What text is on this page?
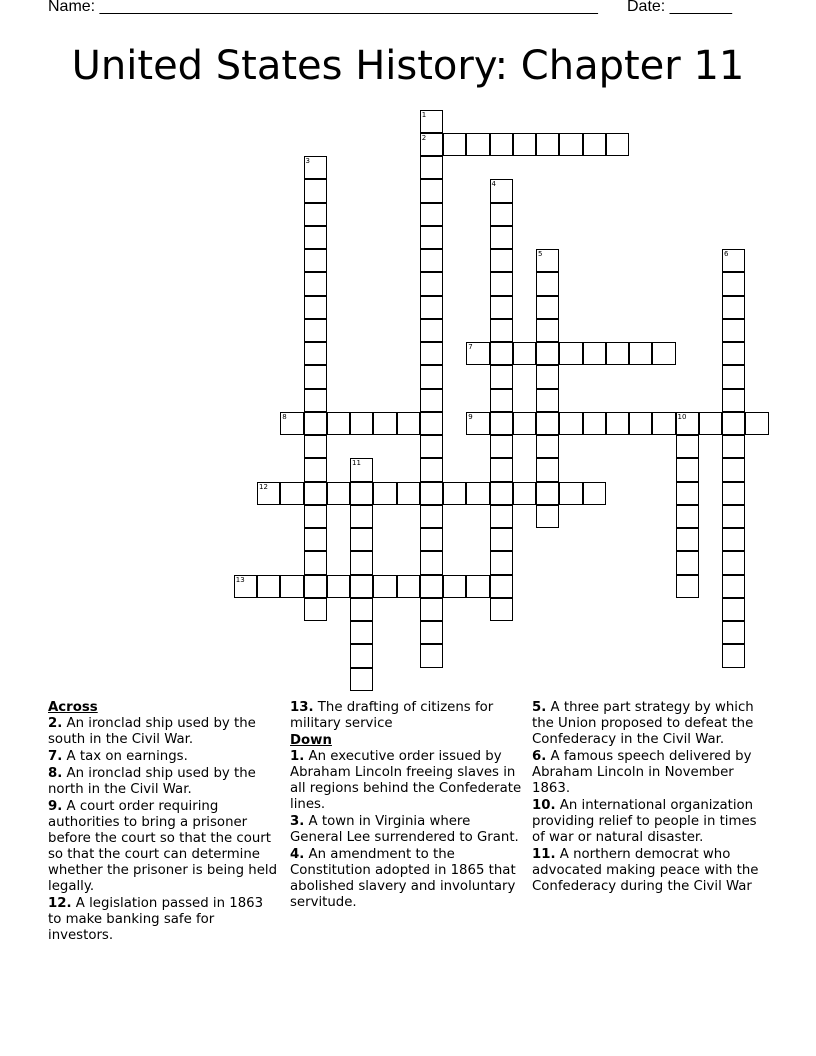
Name: ________________________________________________________ Date: _______
United States History: Chapter 11
1
2
3
4
5	6
7
8	9	10
11
12
13

Across

2. An ironclad ship used by the south in the Civil War.

7. A tax on earnings.

8. An ironclad ship used by the north in the Civil War.

9. A court order requiring authorities to bring a prisoner before the court so that the court so that the court can determine whether the prisoner is being held legally.

12. A legislation passed in 1863 to make banking safe for investors.

13. The drafting of citizens for military service

Down

1. An executive order issued by Abraham Lincoln freeing slaves in all regions behind the Confederate lines.

3. A town in Virginia where General Lee surrendered to Grant.

4. An amendment to the Constitution adopted in 1865 that abolished slavery and involuntary servitude.

5. A three part strategy by which the Union proposed to defeat the Confederacy in the Civil War.

6. A famous speech delivered by Abraham Lincoln in November 1863.

10. An international organization providing relief to people in times of war or natural disaster.

11. A northern democrat who advocated making peace with the Confederacy during the Civil War
